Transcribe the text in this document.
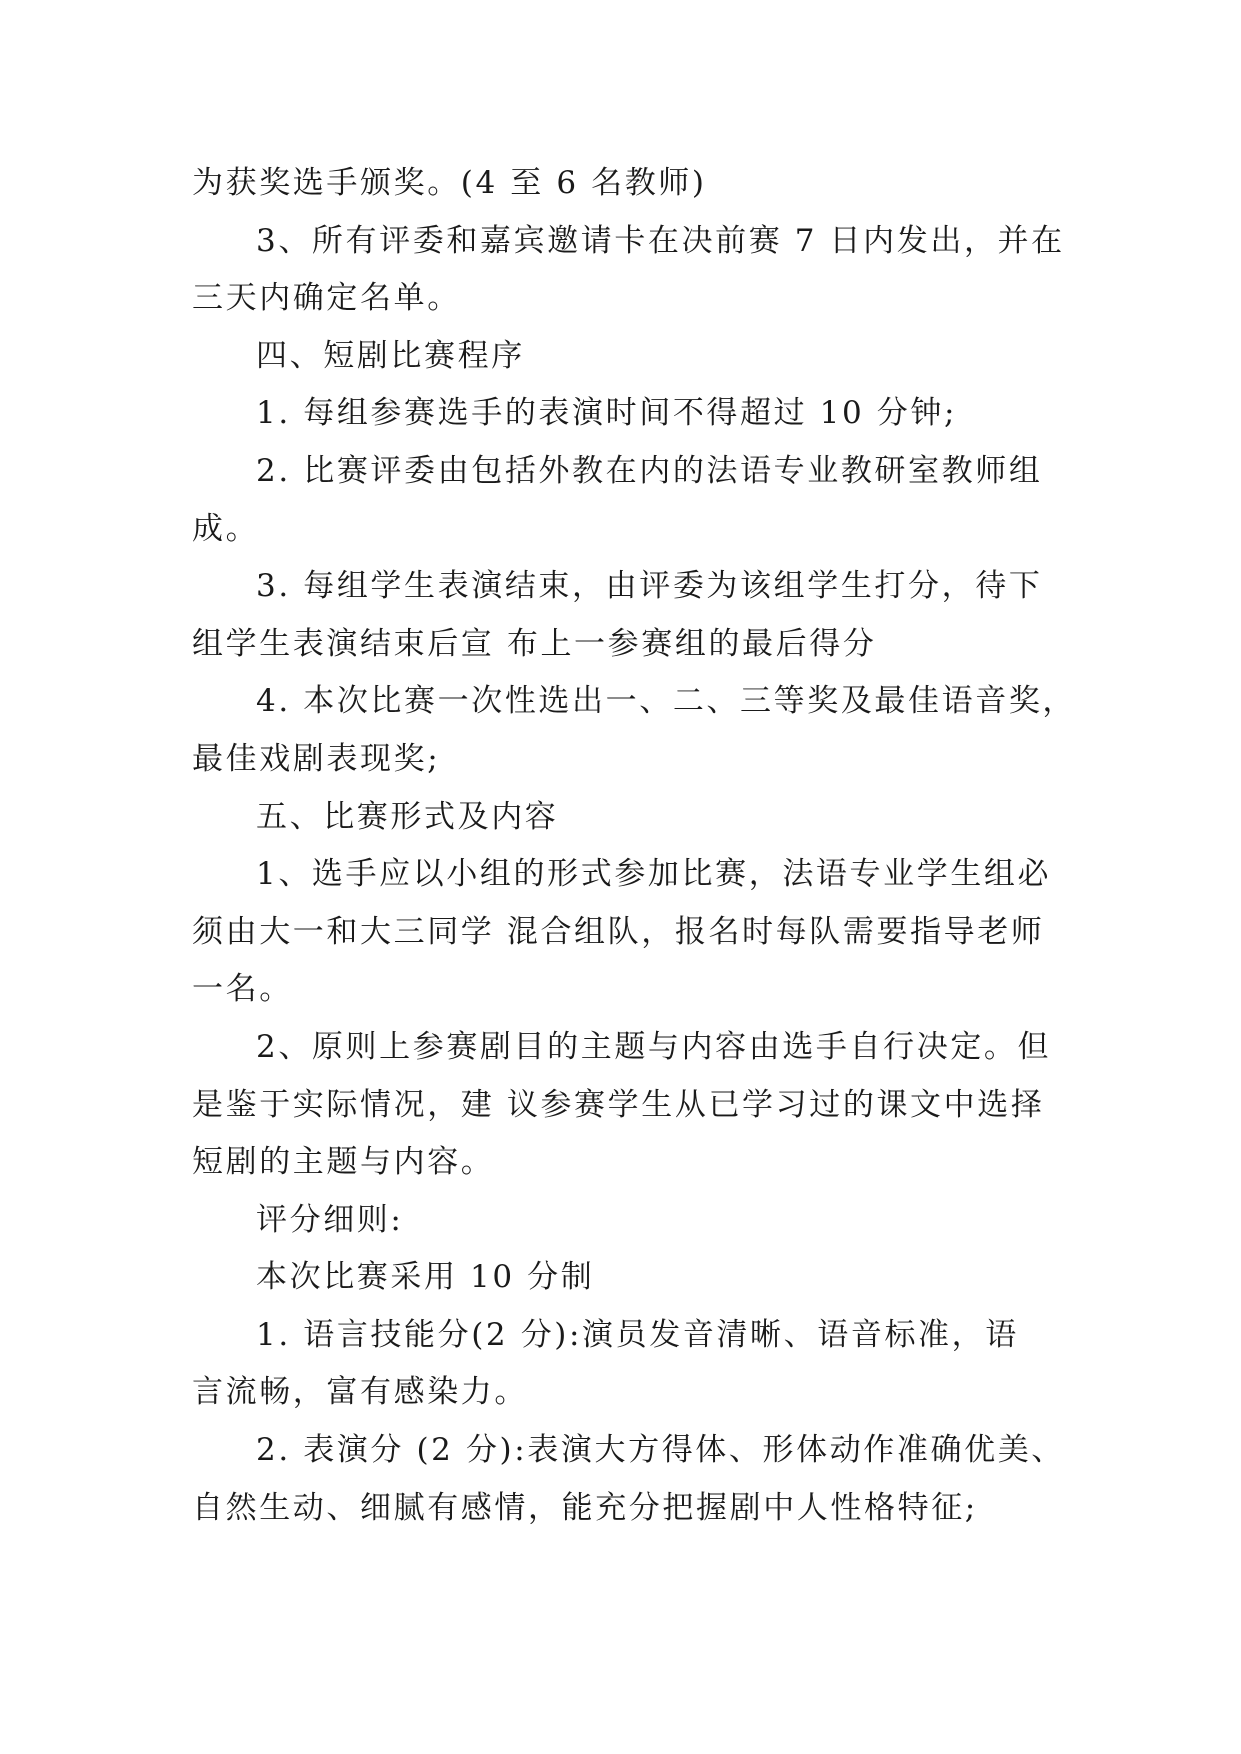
为获奖选手颁奖。(4 至 6 名教师)

3、所有评委和嘉宾邀请卡在决前赛 7 日内发出，并在

三天内确定名单。

四、短剧比赛程序

1. 每组参赛选手的表演时间不得超过 10 分钟;

2. 比赛评委由包括外教在内的法语专业教研室教师组

成。

3. 每组学生表演结束，由评委为该组学生打分，待下

组学生表演结束后宣 布上一参赛组的最后得分

4. 本次比赛一次性选出一、二、三等奖及最佳语音奖，

最佳戏剧表现奖;

五、比赛形式及内容

1、选手应以小组的形式参加比赛，法语专业学生组必

须由大一和大三同学 混合组队，报名时每队需要指导老师

一名。

2、原则上参赛剧目的主题与内容由选手自行决定。但

是鉴于实际情况，建 议参赛学生从已学习过的课文中选择

短剧的主题与内容。

评分细则:

本次比赛采用 10 分制

1. 语言技能分(2 分):演员发音清晰、语音标准，语

言流畅，富有感染力。

2. 表演分 (2 分):表演大方得体、形体动作准确优美、

自然生动、细腻有感情，能充分把握剧中人性格特征;
